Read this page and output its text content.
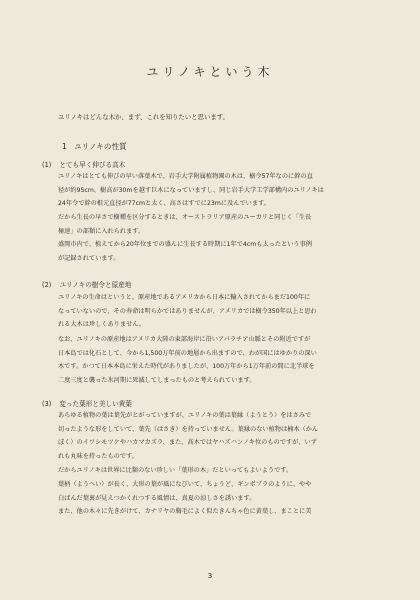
ユリノキという木
ユリノキはどんな木か、まず、これを知りたいと思います。
1 ユリノキの性質
(1) とても早く伸びる高木
ユリノキはとても伸びの早い落葉木で、岩手大学附属植物園の木は、樹令57年なのに幹の直
径が約95cm、樹高が30mを越す巨木になっていますし、同じ岩手大学工学部構内のユリノキは
24年令で幹の根元直径が77cmと太く、高さはすでに23mに及んでいます。
だから生長の早さで樹種を区分するときは、オーストラリア原産のユーカリと同じく「生長
極速」の部類に入れられます。
盛岡市内で、植えてから20年位までの盛んに生長する時期に1年で4cmも太ったという事例
が記録されています。
(2) ユリノキの樹令と原産地
ユリノキの生命はというと、原産地であるアメリカから日本に輸入されてからまだ100年に
なっていないので、その寿命は明らかではありませんが、アメリカでは樹令350年以上と思わ
れる大木は珍しくありません。
なお、ユリノキの原産地はアメリカ大陸の東部海岸に沿いアパラチア山脈とその附近ですが
日本島では化石として、今から1,500万年前の地層から出ますので、わが国にはゆかりの深い
木です。かつて日本本島に栄えた時代がありましたが、100万年から1万年前の間に北半球を
二度三度と襲った氷河期に死滅してしまったものと考えられています。
(3) 変った葉形と美しい黄葉
あらゆる植物の葉は葉先がとがっていますが、ユリノキの葉は葉縁（ようとう）をはさみで
切ったような形をしていて、葉先（はさき）を持っていません。葉縁のない植物は楠木（かん
ぼく）のイワシモツケやハカマカズラ、また、高木ではヤハズハンノキ位のものですが、いず
れも丸味を持ったものです。
だからユリノキは世界に比類のない珍しい「葉形の木」だといってもよいようです。
葉柄（ようへい）が長く、大形の葉が風になびいて、ちょうど、ギンポプラのように、やや
白ばんだ葉裏が見えつかくれつする風情は、真夏の涼しさを誘います。
また、他の木々に先きがけて、カナリヤの胸毛によく似たきんちゃ色に黄葉し、まことに美
3
